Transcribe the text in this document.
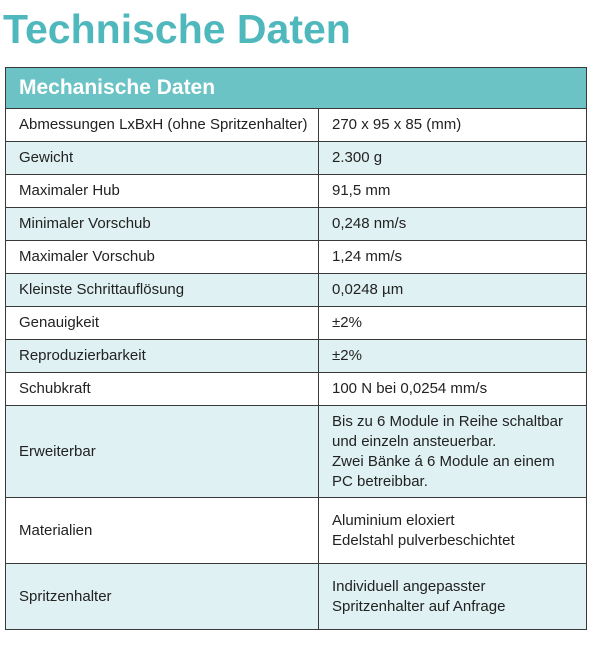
Technische Daten
Mechanische Daten	
Abmessungen LxBxH (ohne Spritzenhalter)	270 x 95 x 85 (mm)
Gewicht	2.300 g
Maximaler Hub	91,5 mm
Minimaler Vorschub	0,248 nm/s
Maximaler Vorschub	1,24 mm/s
Kleinste Schrittauflösung	0,0248 µm
Genauigkeit	±2%
Reproduzierbarkeit	±2%
Schubkraft	100 N bei 0,0254 mm/s
Erweiterbar	Bis zu 6 Module in Reihe schaltbar
und einzeln ansteuerbar.
Zwei Bänke á 6 Module an einem
PC betreibbar.

Materialien	Aluminium eloxiert
Edelstahl pulverbeschichtet

Spritzenhalter	Individuell angepasster
Spritzenhalter auf Anfrage
